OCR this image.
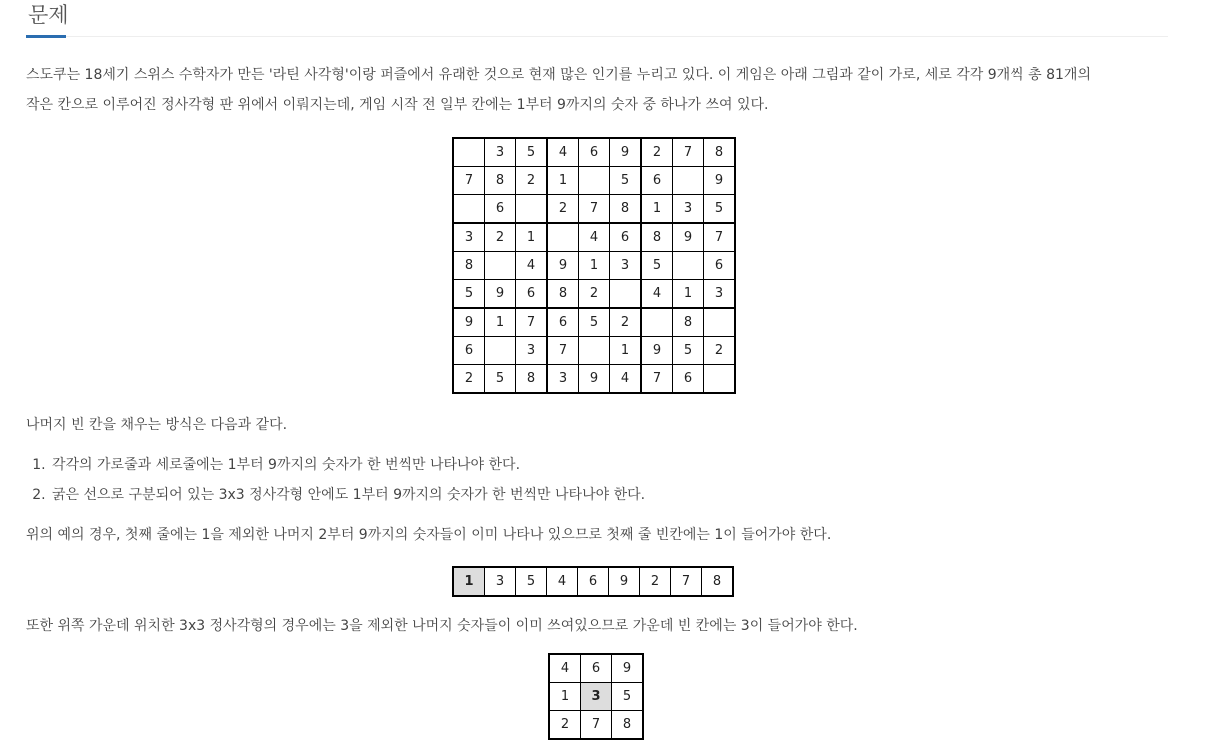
문제
스도쿠는 18세기 스위스 수학자가 만든 '라틴 사각형'이랑 퍼즐에서 유래한 것으로 현재 많은 인기를 누리고 있다. 이 게임은 아래 그림과 같이 가로, 세로 각각 9개씩 총 81개의
작은 칸으로 이루어진 정사각형 판 위에서 이뤄지는데, 게임 시작 전 일부 칸에는 1부터 9까지의 숫자 중 하나가 쓰여 있다.
	3	5	4	6	9	2	7	8
7	8	2	1		5	6		9
	6		2	7	8	1	3	5
3	2	1		4	6	8	9	7
8		4	9	1	3	5		6
5	9	6	8	2		4	1	3
9	1	7	6	5	2		8	
6		3	7		1	9	5	2
2	5	8	3	9	4	7	6	
나머지 빈 칸을 채우는 방식은 다음과 같다.
1. 각각의 가로줄과 세로줄에는 1부터 9까지의 숫자가 한 번씩만 나타나야 한다.
2. 굵은 선으로 구분되어 있는 3x3 정사각형 안에도 1부터 9까지의 숫자가 한 번씩만 나타나야 한다.
위의 예의 경우, 첫째 줄에는 1을 제외한 나머지 2부터 9까지의 숫자들이 이미 나타나 있으므로 첫째 줄 빈칸에는 1이 들어가야 한다.
1	3	5	4	6	9	2	7	8
또한 위쪽 가운데 위치한 3x3 정사각형의 경우에는 3을 제외한 나머지 숫자들이 이미 쓰여있으므로 가운데 빈 칸에는 3이 들어가야 한다.
4	6	9
1	3	5
2	7	8
